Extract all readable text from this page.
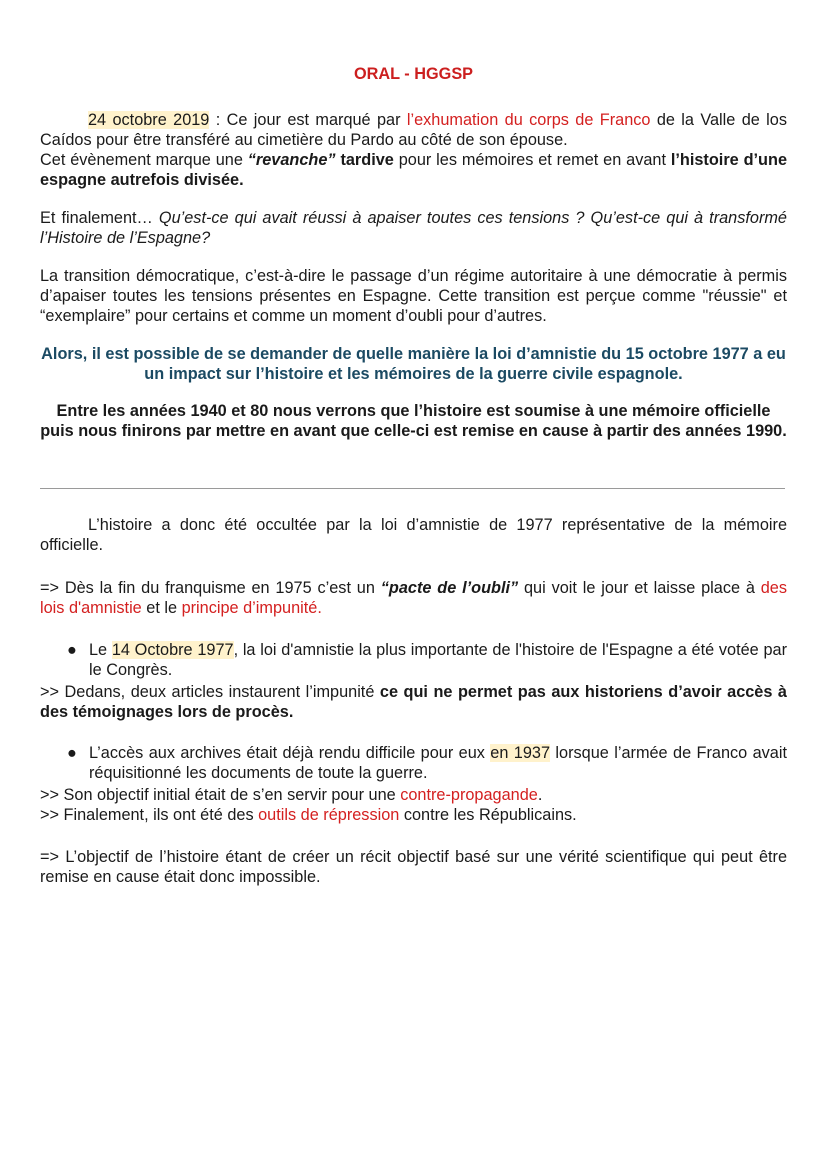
ORAL - HGGSP

24 octobre 2019 : Ce jour est marqué par l’exhumation du corps de Franco de la Valle de los Caídos pour être transféré au cimetière du Pardo au côté de son épouse.

Cet évènement marque une “revanche” tardive pour les mémoires et remet en avant l’histoire d’une espagne autrefois divisée.

Et finalement… Qu’est-ce qui avait réussi à apaiser toutes ces tensions ? Qu’est-ce qui à transformé l’Histoire de l’Espagne?

La transition démocratique, c’est-à-dire le passage d’un régime autoritaire à une démocratie à permis d’apaiser toutes les tensions présentes en Espagne. Cette transition est perçue comme "réussie" et “exemplaire” pour certains et comme un moment d’oubli pour d’autres.

Alors, il est possible de se demander de quelle manière la loi d’amnistie du 15 octobre 1977 a eu un impact sur l’histoire et les mémoires de la guerre civile espagnole.

Entre les années 1940 et 80 nous verrons que l’histoire est soumise à une mémoire officielle puis nous finirons par mettre en avant que celle-ci est remise en cause à partir des années 1990.

L’histoire a donc été occultée par la loi d’amnistie de 1977 représentative de la mémoire officielle.

=> Dès la fin du franquisme en 1975 c’est un “pacte de l’oubli” qui voit le jour et laisse place à des lois d'amnistie et le principe d’impunité.

● Le 14 Octobre 1977, la loi d'amnistie la plus importante de l'histoire de l'Espagne a été votée par le Congrès.

>> Dedans, deux articles instaurent l’impunité ce qui ne permet pas aux historiens d’avoir accès à des témoignages lors de procès.

● L’accès aux archives était déjà rendu difficile pour eux en 1937 lorsque l’armée de Franco avait réquisitionné les documents de toute la guerre.

>> Son objectif initial était de s’en servir pour une contre-propagande.

>> Finalement, ils ont été des outils de répression contre les Républicains.

=> L’objectif de l’histoire étant de créer un récit objectif basé sur une vérité scientifique qui peut être remise en cause était donc impossible.
